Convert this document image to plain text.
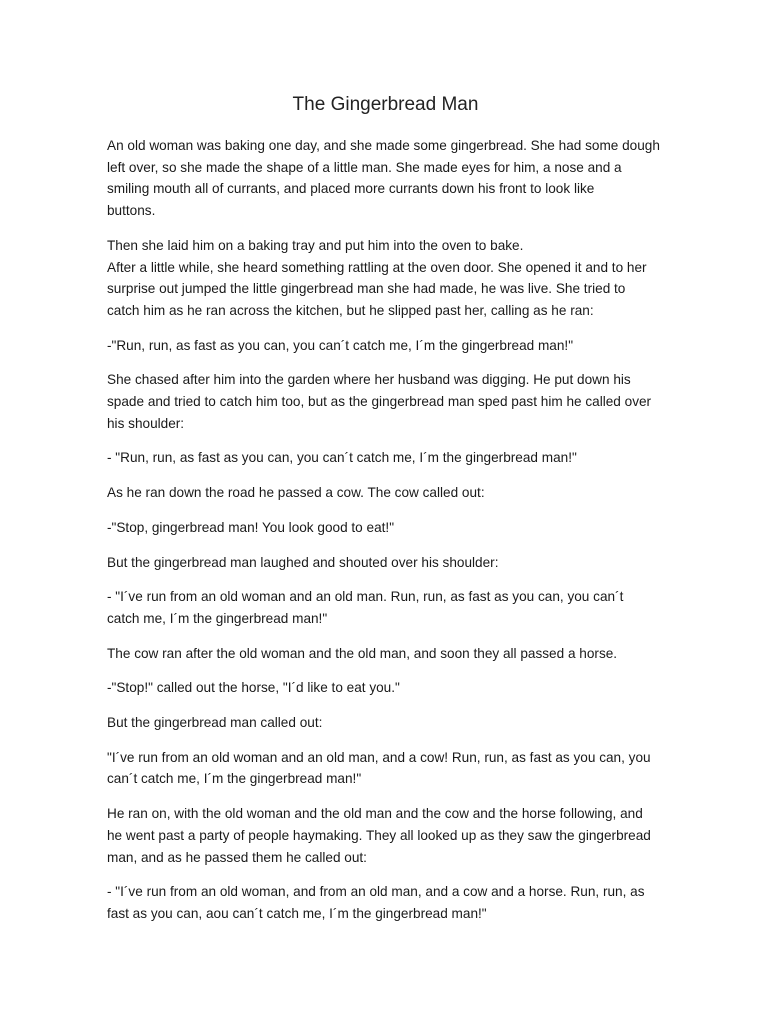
The Gingerbread Man
An old woman was baking one day, and she made some gingerbread. She had some dough
left over, so she made the shape of a little man. She made eyes for him, a nose and a
smiling mouth all of currants, and placed more currants down his front to look like
buttons.
Then she laid him on a baking tray and put him into the oven to bake.
After a little while, she heard something rattling at the oven door. She opened it and to her
surprise out jumped the little gingerbread man she had made, he was live. She tried to
catch him as he ran across the kitchen, but he slipped past her, calling as he ran:
-"Run, run, as fast as you can, you can´t catch me, I´m the gingerbread man!"
She chased after him into the garden where her husband was digging. He put down his
spade and tried to catch him too, but as the gingerbread man sped past him he called over
his shoulder:
- "Run, run, as fast as you can, you can´t catch me, I´m the gingerbread man!"
As he ran down the road he passed a cow. The cow called out:
-"Stop, gingerbread man! You look good to eat!"
But the gingerbread man laughed and shouted over his shoulder:
- "I´ve run from an old woman and an old man. Run, run, as fast as you can, you can´t
catch me, I´m the gingerbread man!"
The cow ran after the old woman and the old man, and soon they all passed a horse.
-"Stop!" called out the horse, "I´d like to eat you."
But the gingerbread man called out:
"I´ve run from an old woman and an old man, and a cow! Run, run, as fast as you can, you
can´t catch me, I´m the gingerbread man!"
He ran on, with the old woman and the old man and the cow and the horse following, and
he went past a party of people haymaking. They all looked up as they saw the gingerbread
man, and as he passed them he called out:
- "I´ve run from an old woman, and from an old man, and a cow and a horse. Run, run, as
fast as you can, aou can´t catch me, I´m the gingerbread man!"
